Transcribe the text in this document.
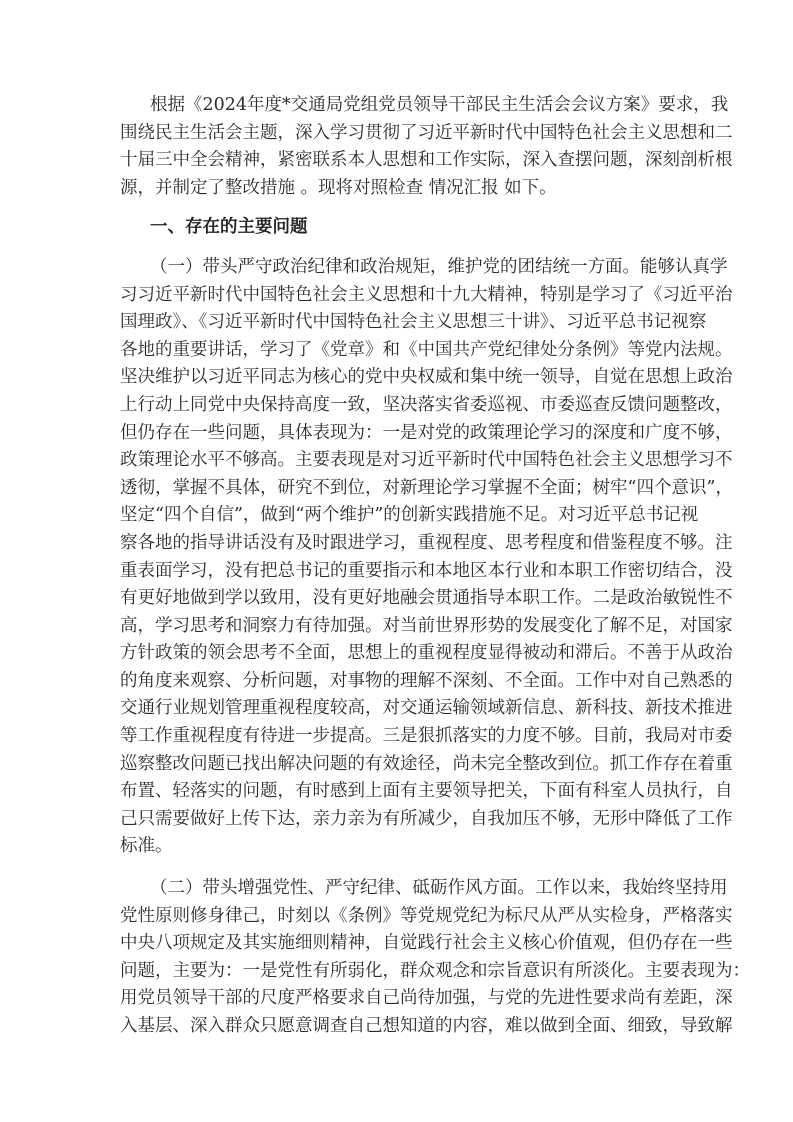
根据《2024年度*交通局党组党员领导干部民主生活会会议方案》要求，我
围绕民主生活会主题，深入学习贯彻了习近平新时代中国特色社会主义思想和二
十届三中全会精神，紧密联系本人思想和工作实际，深入查摆问题，深刻剖析根
源，并制定了整改措施 。现将对照检查 情况汇报 如下。
一、存在的主要问题
（一）带头严守政治纪律和政治规矩，维护党的团结统一方面。能够认真学
习习近平新时代中国特色社会主义思想和十九大精神，特别是学习了《习近平治
国理政》、《习近平新时代中国特色社会主义思想三十讲》、习近平总书记视察
各地的重要讲话，学习了《党章》和《中国共产党纪律处分条例》等党内法规。
坚决维护以习近平同志为核心的党中央权威和集中统一领导，自觉在思想上政治
上行动上同党中央保持高度一致，坚决落实省委巡视、市委巡查反馈问题整改，
但仍存在一些问题，具体表现为：一是对党的政策理论学习的深度和广度不够，
政策理论水平不够高。主要表现是对习近平新时代中国特色社会主义思想学习不
透彻，掌握不具体，研究不到位，对新理论学习掌握不全面；树牢“四个意识”，
坚定“四个自信”，做到“两个维护”的创新实践措施不足。对习近平总书记视
察各地的指导讲话没有及时跟进学习，重视程度、思考程度和借鉴程度不够。注
重表面学习，没有把总书记的重要指示和本地区本行业和本职工作密切结合，没
有更好地做到学以致用，没有更好地融会贯通指导本职工作。二是政治敏锐性不
高，学习思考和洞察力有待加强。对当前世界形势的发展变化了解不足，对国家
方针政策的领会思考不全面，思想上的重视程度显得被动和滞后。不善于从政治
的角度来观察、分析问题，对事物的理解不深刻、不全面。工作中对自己熟悉的
交通行业规划管理重视程度较高，对交通运输领域新信息、新科技、新技术推进
等工作重视程度有待进一步提高。三是狠抓落实的力度不够。目前，我局对市委
巡察整改问题已找出解决问题的有效途径，尚未完全整改到位。抓工作存在着重
布置、轻落实的问题，有时感到上面有主要领导把关，下面有科室人员执行，自
己只需要做好上传下达，亲力亲为有所减少，自我加压不够，无形中降低了工作
标准。
（二）带头增强党性、严守纪律、砥砺作风方面。工作以来，我始终坚持用
党性原则修身律己，时刻以《条例》等党规党纪为标尺从严从实检身，严格落实
中央八项规定及其实施细则精神，自觉践行社会主义核心价值观，但仍存在一些
问题，主要为：一是党性有所弱化，群众观念和宗旨意识有所淡化。主要表现为：
用党员领导干部的尺度严格要求自己尚待加强，与党的先进性要求尚有差距，深
入基层、深入群众只愿意调查自己想知道的内容，难以做到全面、细致，导致解
